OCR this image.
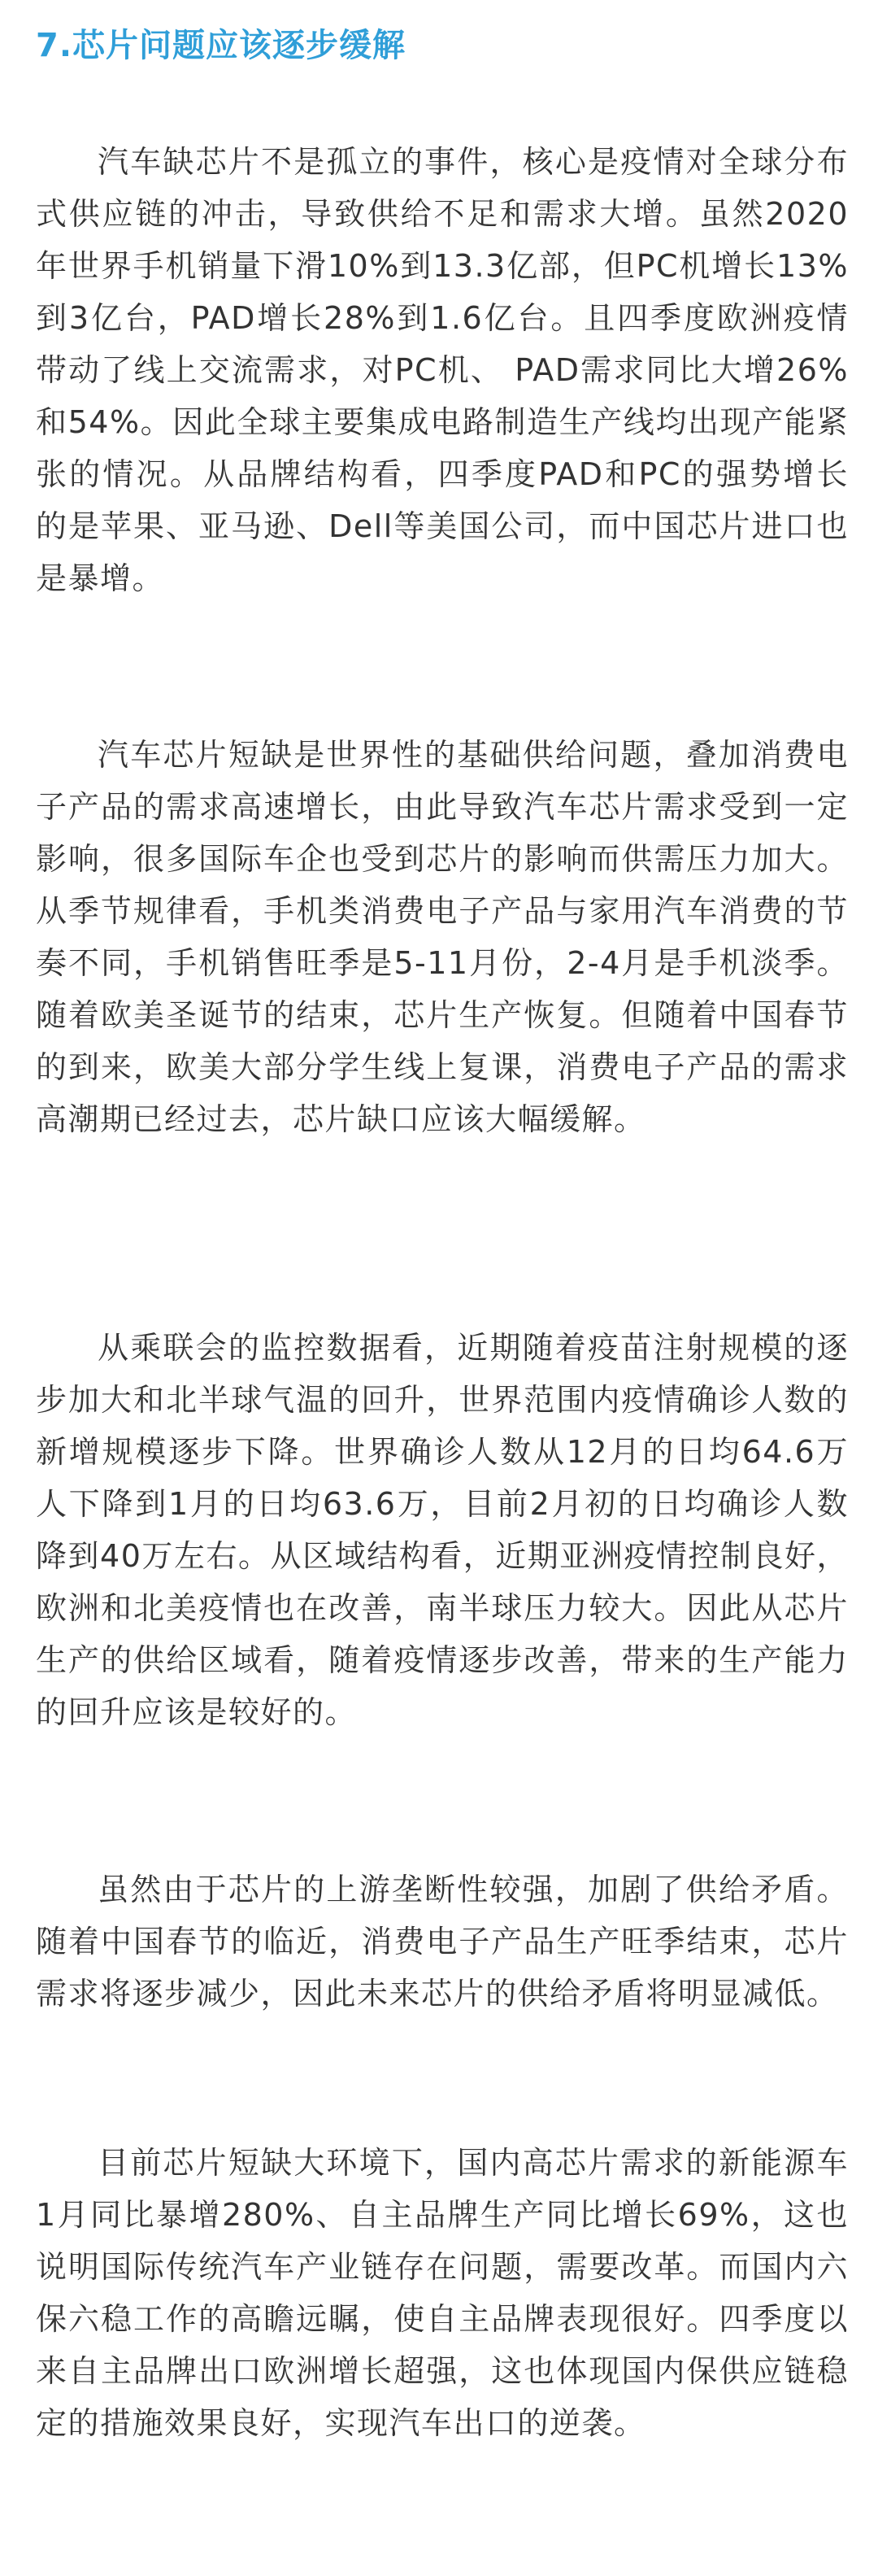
7.芯片问题应该逐步缓解

汽车缺芯片不是孤立的事件，核心是疫情对全球分布式供应链的冲击，导致供给不足和需求大增。虽然2020年世界手机销量下滑10%到13.3亿部，但PC机增长13%到3亿台，PAD增长28%到1.6亿台。且四季度欧洲疫情带动了线上交流需求，对PC机、 PAD需求同比大增26%和54%。因此全球主要集成电路制造生产线均出现产能紧张的情况。从品牌结构看，四季度PAD和PC的强势增长的是苹果、亚马逊、Dell等美国公司，而中国芯片进口也是暴增。

汽车芯片短缺是世界性的基础供给问题，叠加消费电子产品的需求高速增长，由此导致汽车芯片需求受到一定影响，很多国际车企也受到芯片的影响而供需压力加大。从季节规律看，手机类消费电子产品与家用汽车消费的节奏不同，手机销售旺季是5-11月份，2-4月是手机淡季。随着欧美圣诞节的结束，芯片生产恢复。但随着中国春节的到来，欧美大部分学生线上复课，消费电子产品的需求高潮期已经过去，芯片缺口应该大幅缓解。

从乘联会的监控数据看，近期随着疫苗注射规模的逐步加大和北半球气温的回升，世界范围内疫情确诊人数的新增规模逐步下降。世界确诊人数从12月的日均64.6万人下降到1月的日均63.6万，目前2月初的日均确诊人数降到40万左右。从区域结构看，近期亚洲疫情控制良好，欧洲和北美疫情也在改善，南半球压力较大。因此从芯片生产的供给区域看，随着疫情逐步改善，带来的生产能力的回升应该是较好的。

虽然由于芯片的上游垄断性较强，加剧了供给矛盾。随着中国春节的临近，消费电子产品生产旺季结束，芯片需求将逐步减少，因此未来芯片的供给矛盾将明显减低。

目前芯片短缺大环境下，国内高芯片需求的新能源车1月同比暴增280%、自主品牌生产同比增长69%，这也说明国际传统汽车产业链存在问题，需要改革。而国内六保六稳工作的高瞻远瞩，使自主品牌表现很好。四季度以来自主品牌出口欧洲增长超强，这也体现国内保供应链稳定的措施效果良好，实现汽车出口的逆袭。
